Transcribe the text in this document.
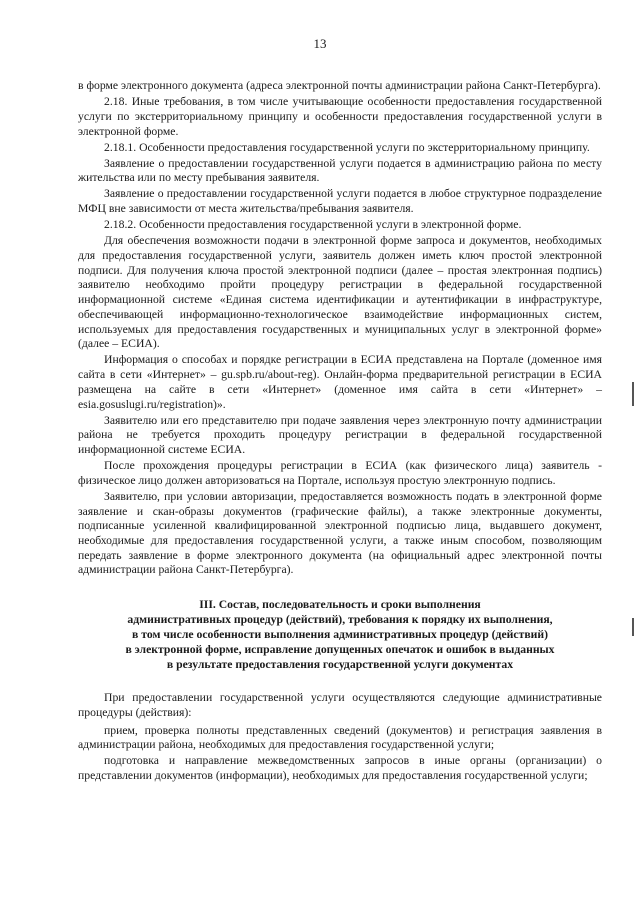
13

в форме электронного документа (адреса электронной почты администрации района Санкт-Петербурга).

2.18. Иные требования, в том числе учитывающие особенности предоставления государственной услуги по экстерриториальному принципу и особенности предоставления государственной услуги в электронной форме.

2.18.1. Особенности предоставления государственной услуги по экстерриториальному принципу.

Заявление о предоставлении государственной услуги подается в администрацию района по месту жительства или по месту пребывания заявителя.

Заявление о предоставлении государственной услуги подается в любое структурное подразделение МФЦ вне зависимости от места жительства/пребывания заявителя.

2.18.2. Особенности предоставления государственной услуги в электронной форме.

Для обеспечения возможности подачи в электронной форме запроса и документов, необходимых для предоставления государственной услуги, заявитель должен иметь ключ простой электронной подписи. Для получения ключа простой электронной подписи (далее – простая электронная подпись) заявителю необходимо пройти процедуру регистрации в федеральной государственной информационной системе «Единая система идентификации и аутентификации в инфраструктуре, обеспечивающей информационно-технологическое взаимодействие информационных систем, используемых для предоставления государственных и муниципальных услуг в электронной форме» (далее – ЕСИА).

Информация о способах и порядке регистрации в ЕСИА представлена на Портале (доменное имя сайта в сети «Интернет» – gu.spb.ru/about-reg). Онлайн-форма предварительной регистрации в ЕСИА размещена на сайте в сети «Интернет» (доменное имя сайта в сети «Интернет» – esia.gosuslugi.ru/registration)».

Заявителю или его представителю при подаче заявления через электронную почту администрации района не требуется проходить процедуру регистрации в федеральной государственной информационной системе ЕСИА.

После прохождения процедуры регистрации в ЕСИА (как физического лица) заявитель - физическое лицо должен авторизоваться на Портале, используя простую электронную подпись.

Заявителю, при условии авторизации, предоставляется возможность подать в электронной форме заявление и скан-образы документов (графические файлы), а также электронные документы, подписанные усиленной квалифицированной электронной подписью лица, выдавшего документ, необходимые для предоставления государственной услуги, а также иным способом, позволяющим передать заявление в форме электронного документа (на официальный адрес электронной почты администрации района Санкт-Петербурга).

III. Состав, последовательность и сроки выполнения
административных процедур (действий), требования к порядку их выполнения,
в том числе особенности выполнения административных процедур (действий)
в электронной форме, исправление допущенных опечаток и ошибок в выданных
в результате предоставления государственной услуги документах

При предоставлении государственной услуги осуществляются следующие административные процедуры (действия):

прием, проверка полноты представленных сведений (документов) и регистрация заявления в администрации района, необходимых для предоставления государственной услуги;

подготовка и направление межведомственных запросов в иные органы (организации) о представлении документов (информации), необходимых для предоставления государственной услуги;
